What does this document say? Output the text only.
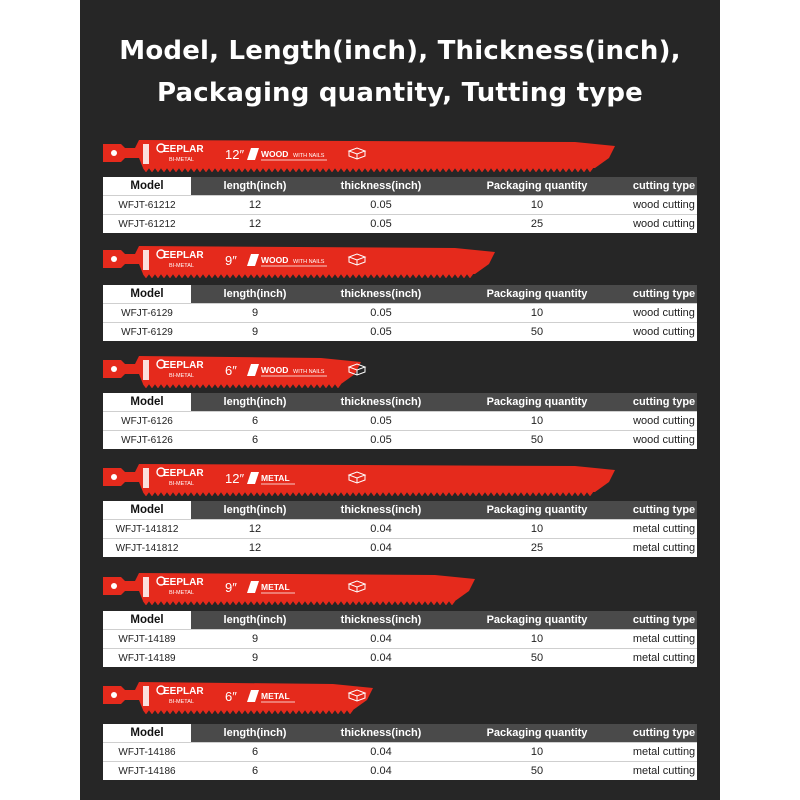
Model, Length(inch), Thickness(inch),
Packaging quantity, Tutting type
EEPLAR
BI-METAL 12″ WOOD WITH NAILS
Model	length(inch)	thickness(inch)	Packaging quantity	cutting type
WFJT-61212	12	0.05	10	wood cutting
WFJT-61212	12	0.05	25	wood cutting
EEPLAR
BI-METAL 9″	WOOD WITH NAILS
Model	length(inch)	thickness(inch)	Packaging quantity	cutting type
WFJT-6129	9	0.05	10	wood cutting
WFJT-6129	9	0.05	50	wood cutting
EEPLAR
BI-METAL 6″	WOOD WITH NAILS
Model	length(inch)	thickness(inch)	Packaging quantity	cutting type
WFJT-6126	6	0.05	10	wood cutting
WFJT-6126	6	0.05	50	wood cutting
EEPLAR
BI-METAL 12″ METAL
Model	length(inch)	thickness(inch)	Packaging quantity	cutting type
WFJT-141812	12	0.04	10	metal cutting
WFJT-141812	12	0.04	25	metal cutting
EEPLAR
BI-METAL 9″	METAL
Model	length(inch)	thickness(inch)	Packaging quantity	cutting type
WFJT-14189	9	0.04	10	metal cutting
WFJT-14189	9	0.04	50	metal cutting
EEPLAR
BI-METAL 6″	METAL
Model	length(inch)	thickness(inch)	Packaging quantity	cutting type
WFJT-14186	6	0.04	10	metal cutting
WFJT-14186	6	0.04	50	metal cutting
